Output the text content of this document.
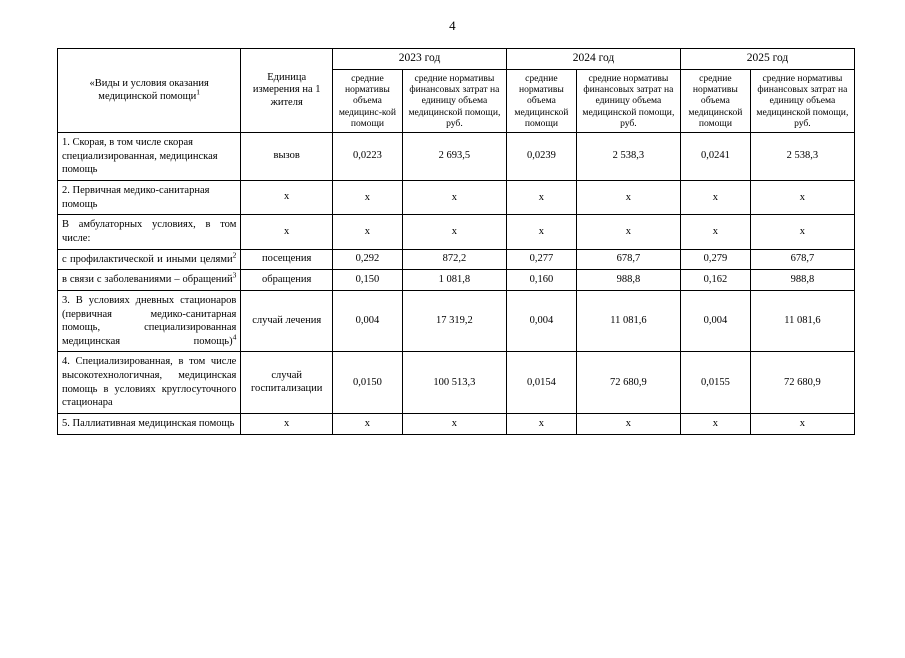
4
«Виды и условия оказания медицинской помощи$^1$	Единица измерения на 1 жителя	2023 год		2024 год		2025 год	
		средние нормативы объема медицинс-кой помощи	средние нормативы финансовых затрат на единицу объема медицинской помощи, руб.	средние нормативы объема медицинской помощи	средние нормативы финансовых затрат на единицу объема медицинской помощи, руб.	средние нормативы объема медицинской помощи	средние нормативы финансовых затрат на единицу объема медицинской помощи, руб.
1. Скорая, в том числе скорая специализированная, медицинская помощь	вызов	0,0223	2 693,5	0,0239	2 538,3	0,0241	2 538,3
2. Первичная медико-санитарная помощь	х	х	х	х	х	х	х
В амбулаторных условиях, в том числе:	х	х	х	х	х	х	х
с профилактической и иными целями$^2$	посещения	0,292	872,2	0,277	678,7	0,279	678,7
в связи с заболеваниями – обращений$^3$	обращения	0,150	1 081,8	0,160	988,8	0,162	988,8
3. В условиях дневных стационаров (первичная медико-санитарная помощь, специализированная медицинская помощь)$^4$	случай лечения	0,004	17 319,2	0,004	11 081,6	0,004	11 081,6
4. Специализированная, в том числе высокотехнологичная, медицинская помощь в условиях круглосуточного стационара	случай госпитализации	0,0150	100 513,3	0,0154	72 680,9	0,0155	72 680,9
5. Паллиативная медицинская помощь	х	х	х	х	х	х	х
